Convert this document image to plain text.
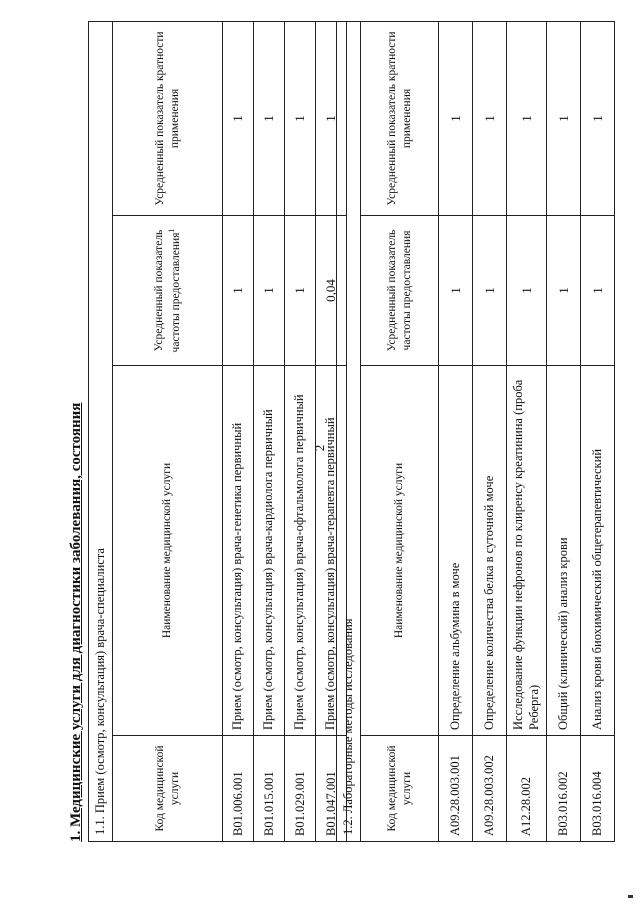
2
1. Медицинские услуги для диагностики заболевания, состояния 1.1. Прием (осмотр, консультация) врача-специалиста			
Код медицинской услуги	Наименование медицинской услуги	Усредненный показатель частоты предоставления$^1$	Усредненный показатель кратности применения
B01.006.001	Прием (осмотр, консультация) врача-генетика первичный	1	1
B01.015.001	Прием (осмотр, консультация) врача-кардиолога первичный	1	1
B01.029.001	Прием (осмотр, консультация) врача-офтальмолога первичный	1	1
B01.047.001	Прием (осмотр, консультация) врача-терапевта первичный	0,04	1
1.2. Лабораторные методы исследования			
Код медицинской услуги	Наименование медицинской услуги	Усредненный показатель частоты предоставления	Усредненный показатель кратности применения
A09.28.003.001	Определение альбумина в моче	1	1
A09.28.003.002	Определение количества белка в суточной моче	1	1
A12.28.002	Исследование функции нефронов по клиренсу креатинина (проба Реберга)	1	1
B03.016.002	Общий (клинический) анализ крови	1	1
B03.016.004	Анализ крови биохимический общетерапевтический	1	1
